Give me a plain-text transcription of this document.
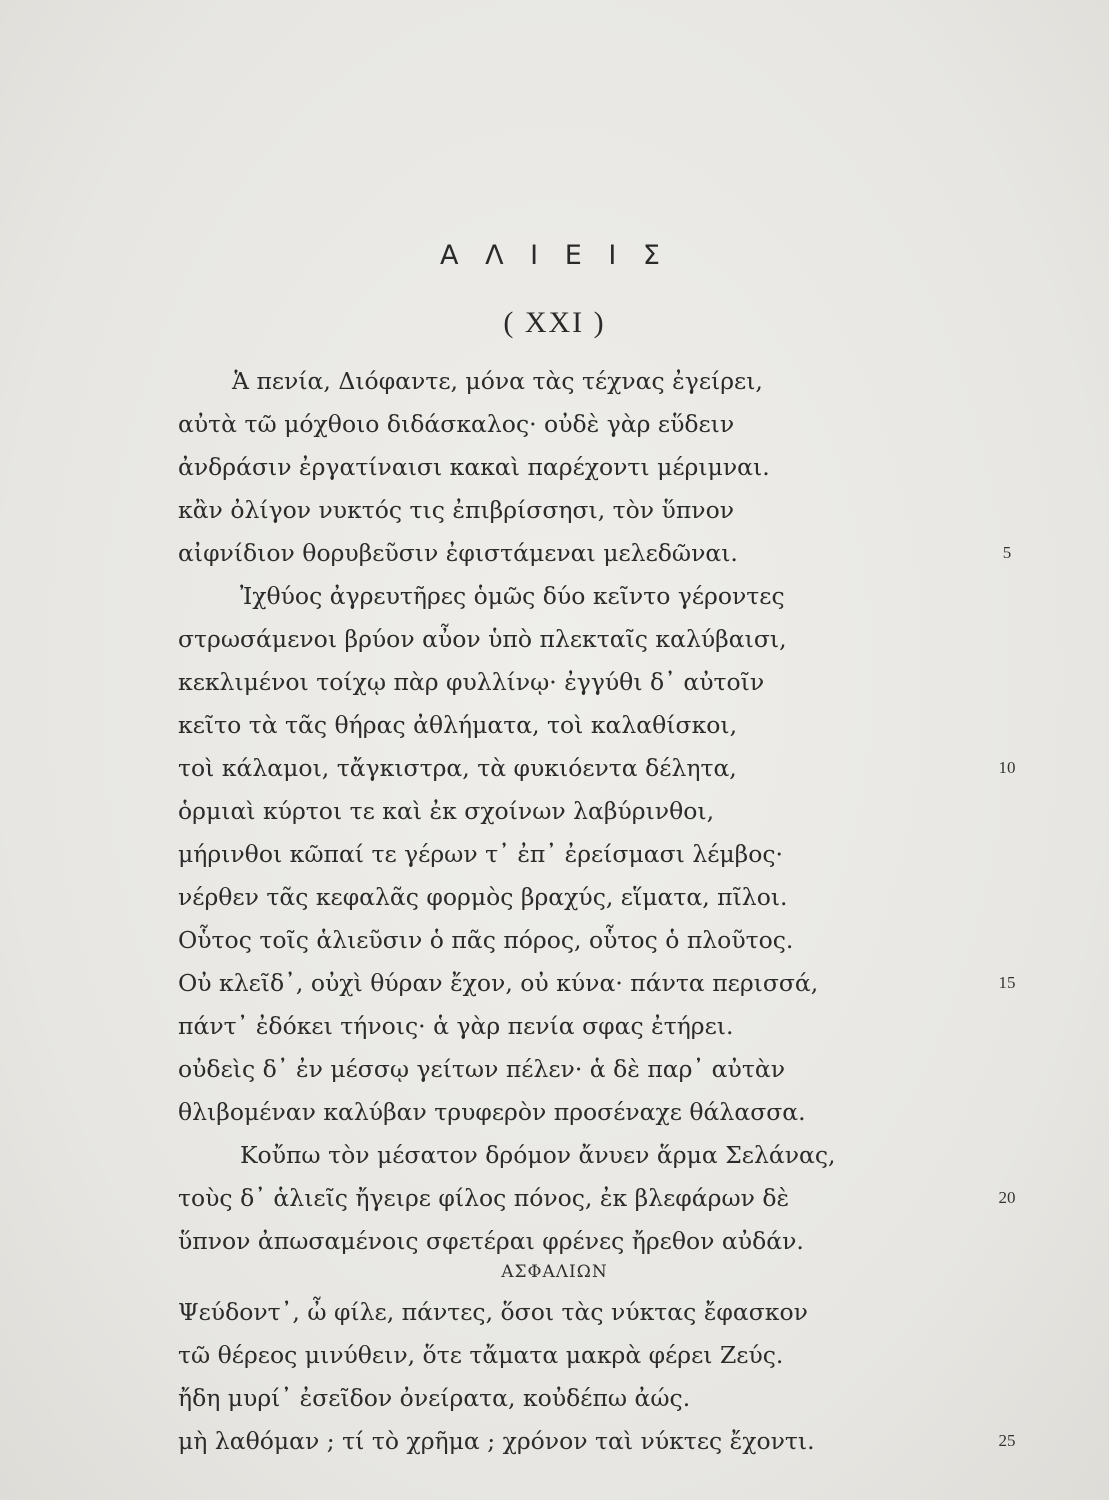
Α Λ Ι Ε Ι Σ
( XXI )
Ἁ πενία, Διόφαντε, μόνα τὰς τέχνας ἐγείρει,
αὐτὰ τῶ μόχθοιο διδάσκαλος· οὐδὲ γὰρ εὕδειν
ἀνδράσιν ἐργατίναισι κακαὶ παρέχοντι μέριμναι.
κἂν ὀλίγον νυκτός τις ἐπιβρίσσησι, τὸν ὕπνον
αἰφνίδιον θορυβεῦσιν ἐφιστάμεναι μελεδῶναι.	5
Ἰχθύος ἀγρευτῆρες ὁμῶς δύο κεῖντο γέροντες
στρωσάμενοι βρύον αὖον ὑπὸ πλεκταῖς καλύβαισι,
κεκλιμένοι τοίχῳ πὰρ φυλλίνῳ· ἐγγύθι δ᾽ αὐτοῖν
κεῖτο τὰ τᾶς θήρας ἀθλήματα, τοὶ καλαθίσκοι,
τοὶ κάλαμοι, τἄγκιστρα, τὰ φυκιόεντα δέλητα,	10
ὁρμιαὶ κύρτοι τε καὶ ἐκ σχοίνων λαβύρινθοι,
μήρινθοι κῶπαί τε γέρων τ᾽ ἐπ᾽ ἐρείσμασι λέμβος·
νέρθεν τᾶς κεφαλᾶς φορμὸς βραχύς, εἵματα, πῖλοι.
Οὗτος τοῖς ἁλιεῦσιν ὁ πᾶς πόρος, οὗτος ὁ πλοῦτος.
Οὐ κλεῖδ᾽, οὐχὶ θύραν ἔχον, οὐ κύνα· πάντα περισσά,	15
πάντ᾽ ἐδόκει τήνοις· ἁ γὰρ πενία σφας ἐτήρει.
οὐδεὶς δ᾽ ἐν μέσσῳ γείτων πέλεν· ἁ δὲ παρ᾽ αὐτὰν
θλιβομέναν καλύβαν τρυφερὸν προσέναχε θάλασσα.
Κοὔπω τὸν μέσατον δρόμον ἄνυεν ἅρμα Σελάνας,
τοὺς δ᾽ ἁλιεῖς ἤγειρε φίλος πόνος, ἐκ βλεφάρων δὲ	20
ὕπνον ἀπωσαμένοις σφετέραι φρένες ἤρεθον αὐδάν.
ΑΣΦΑΛΙΩΝ
Ψεύδοντ᾽, ὦ φίλε, πάντες, ὅσοι τὰς νύκτας ἔφασκον
τῶ θέρεος μινύθειν, ὅτε τἄματα μακρὰ φέρει Ζεύς.
ἤδη μυρί᾽ ἐσεῖδον ὀνείρατα, κοὐδέπω ἀώς.
μὴ λαθόμαν ; τί τὸ χρῆμα ; χρόνον ταὶ νύκτες ἔχοντι.	25
